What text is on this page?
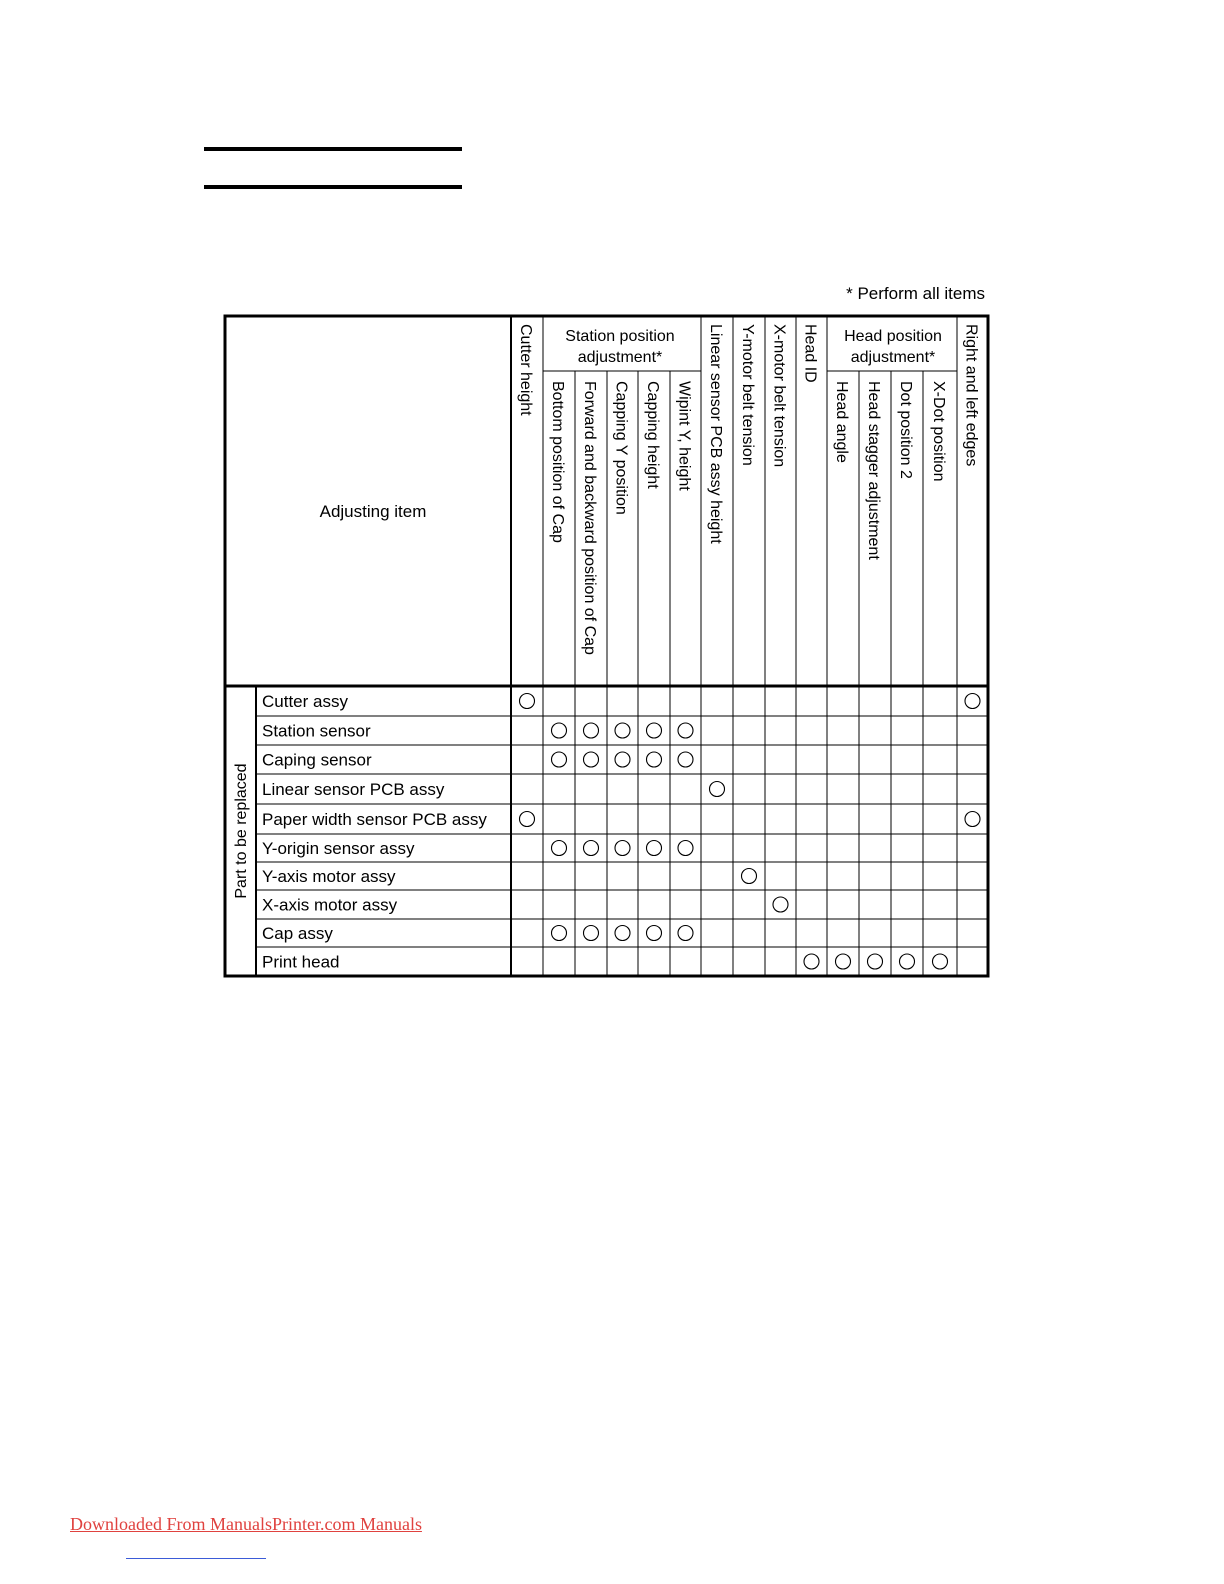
* Perform all items
Adjusting item
Station position
adjustment*
Head position
adjustment*
Cutter height
Bottom position of Cap Forward and backward position of Cap Capping Y position Capping height Wipint Y, height Linear sensor PCB assy height Y-motor belt tension X-motor belt tension Head ID
Head angle Head stagger adjustment Dot position 2 X-Dot position Right and left edges
Part to be replaced
Cutter assy
Station sensor
Caping sensor
Linear sensor PCB assy
Paper width sensor PCB assy
Y-origin sensor assy
Y-axis motor assy
X-axis motor assy
Cap assy
Print head
Downloaded From ManualsPrinter.com Manuals
